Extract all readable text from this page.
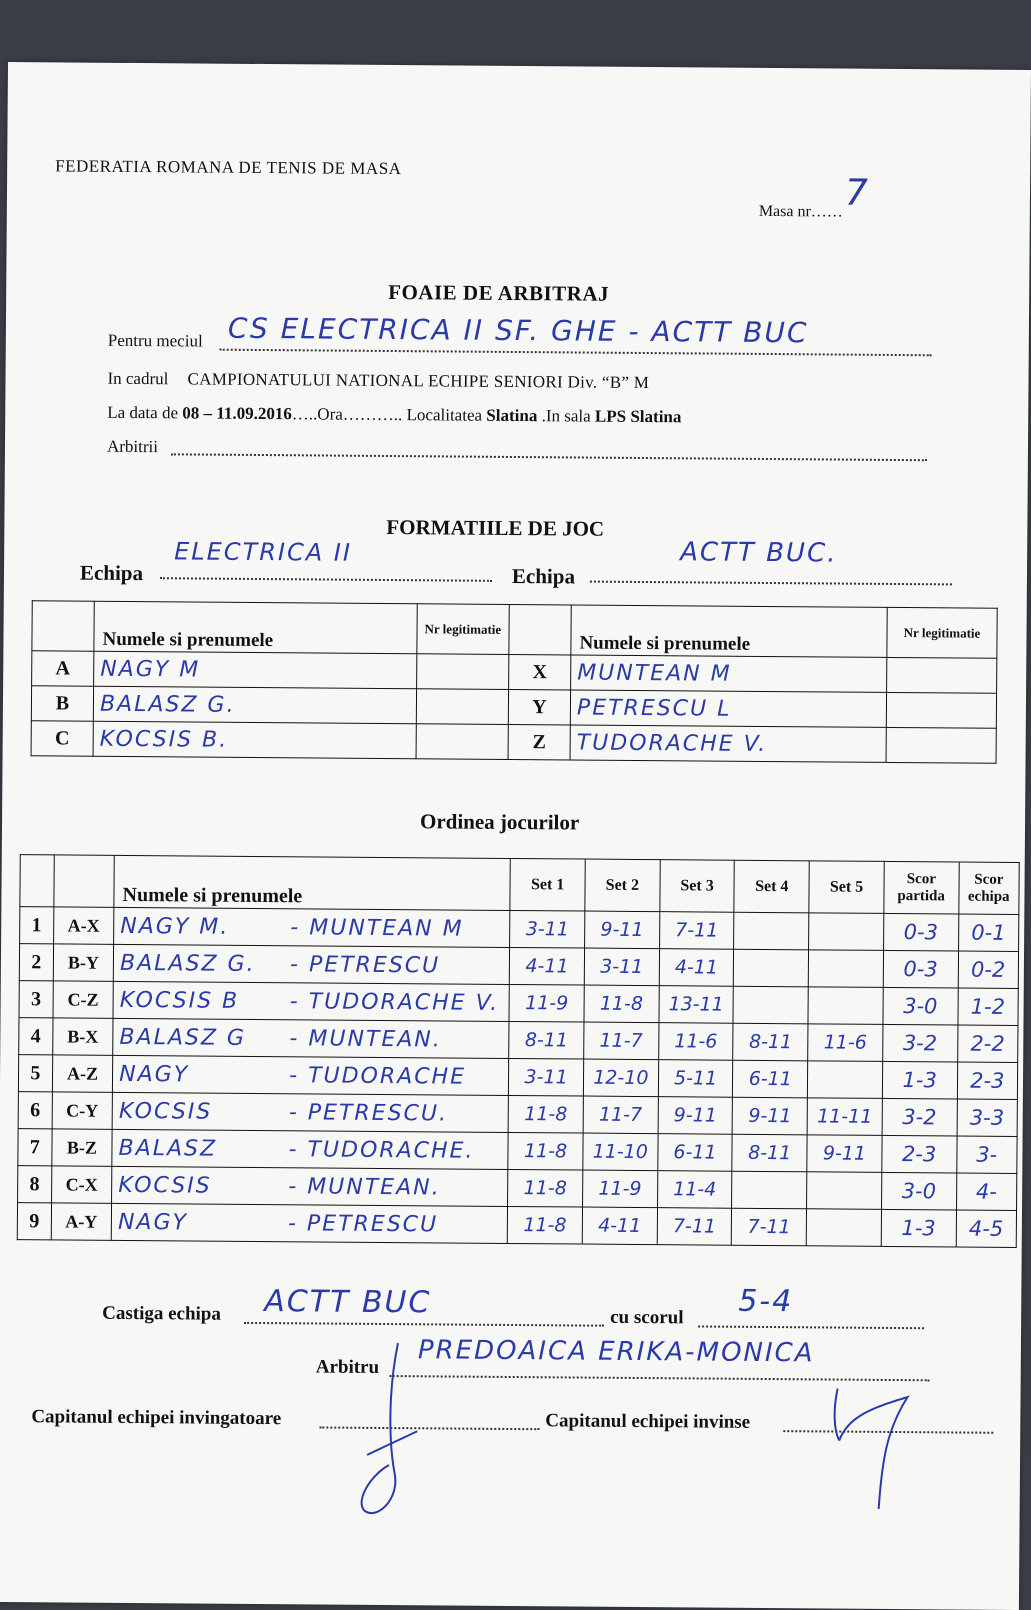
FEDERATIA ROMANA DE TENIS DE MASA
Masa nr…… 7
FOAIE DE ARBITRAJ
Pentru meciul CS ELECTRICA II SF. GHE - ACTT BUC
In cadrul CAMPIONATULUI NATIONAL ECHIPE SENIORI Div. “B” M
La data de 08 – 11.09.2016…..Ora……….. Localitatea Slatina .In sala LPS Slatina
Arbitrii
FORMATIILE DE JOC
Echipa
ELECTRICA II
Echipa
ACTT BUC.
	Numele si prenumele	Nr legitimatie		Numele si prenumele	Nr legitimatie
A	NAGY M		X	MUNTEAN M	
B	BALASZ G.		Y	PETRESCU L	
C	KOCSIS B.		Z	TUDORACHE V.	
Ordinea jocurilor
		Numele si prenumele	Set 1	Set 2	Set 3	Set 4	Set 5	Scor partida	Scor echipa
1	A-X	NAGY M. - MUNTEAN M	3-11	9-11	7-11			0-3	0-1
2	B-Y	BALASZ G. - PETRESCU	4-11	3-11	4-11			0-3	0-2
3	C-Z	KOCSIS B - TUDORACHE V.	11-9	11-8	13-11			3-0	1-2
4	B-X	BALASZ G - MUNTEAN.	8-11	11-7	11-6	8-11	11-6	3-2	2-2
5	A-Z	NAGY - TUDORACHE	3-11	12-10	5-11	6-11		1-3	2-3
6	C-Y	KOCSIS - PETRESCU.	11-8	11-7	9-11	9-11	11-11	3-2	3-3
7	B-Z	BALASZ - TUDORACHE.	11-8	11-10	6-11	8-11	9-11	2-3	3-
8	C-X	KOCSIS - MUNTEAN.	11-8	11-9	11-4			3-0	4-
9	A-Y	NAGY - PETRESCU	11-8	4-11	7-11	7-11		1-3	4-5
Castiga echipa ACTT BUC	cu scorul 5-4
Arbitru PREDOAICA ERIKA-MONICA
Capitanul echipei invingatoare	Capitanul echipei invinse
